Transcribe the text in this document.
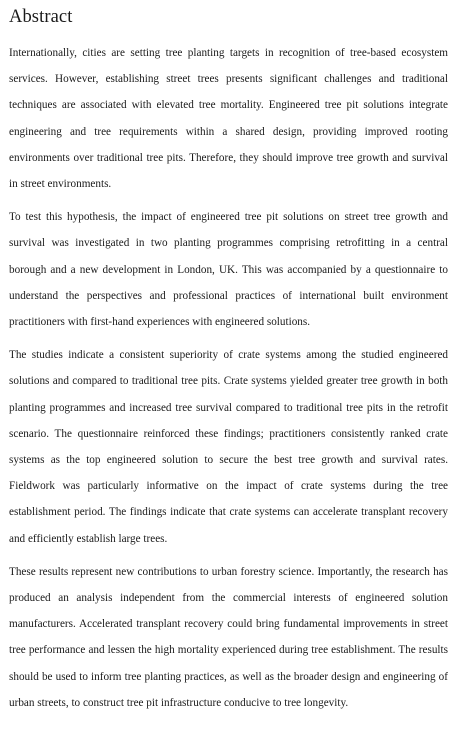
Abstract

Internationally, cities are setting tree planting targets in recognition of tree-based ecosystem services. However, establishing street trees presents significant challenges and traditional techniques are associated with elevated tree mortality. Engineered tree pit solutions integrate engineering and tree requirements within a shared design, providing improved rooting environments over traditional tree pits. Therefore, they should improve tree growth and survival in street environments.

To test this hypothesis, the impact of engineered tree pit solutions on street tree growth and survival was investigated in two planting programmes comprising retrofitting in a central borough and a new development in London, UK. This was accompanied by a questionnaire to understand the perspectives and professional practices of international built environment practitioners with first-hand experiences with engineered solutions.

The studies indicate a consistent superiority of crate systems among the studied engineered solutions and compared to traditional tree pits. Crate systems yielded greater tree growth in both planting programmes and increased tree survival compared to traditional tree pits in the retrofit scenario. The questionnaire reinforced these findings; practitioners consistently ranked crate systems as the top engineered solution to secure the best tree growth and survival rates. Fieldwork was particularly informative on the impact of crate systems during the tree establishment period. The findings indicate that crate systems can accelerate transplant recovery and efficiently establish large trees.

These results represent new contributions to urban forestry science. Importantly, the research has produced an analysis independent from the commercial interests of engineered solution manufacturers. Accelerated transplant recovery could bring fundamental improvements in street tree performance and lessen the high mortality experienced during tree establishment. The results should be used to inform tree planting practices, as well as the broader design and engineering of urban streets, to construct tree pit infrastructure conducive to tree longevity.
